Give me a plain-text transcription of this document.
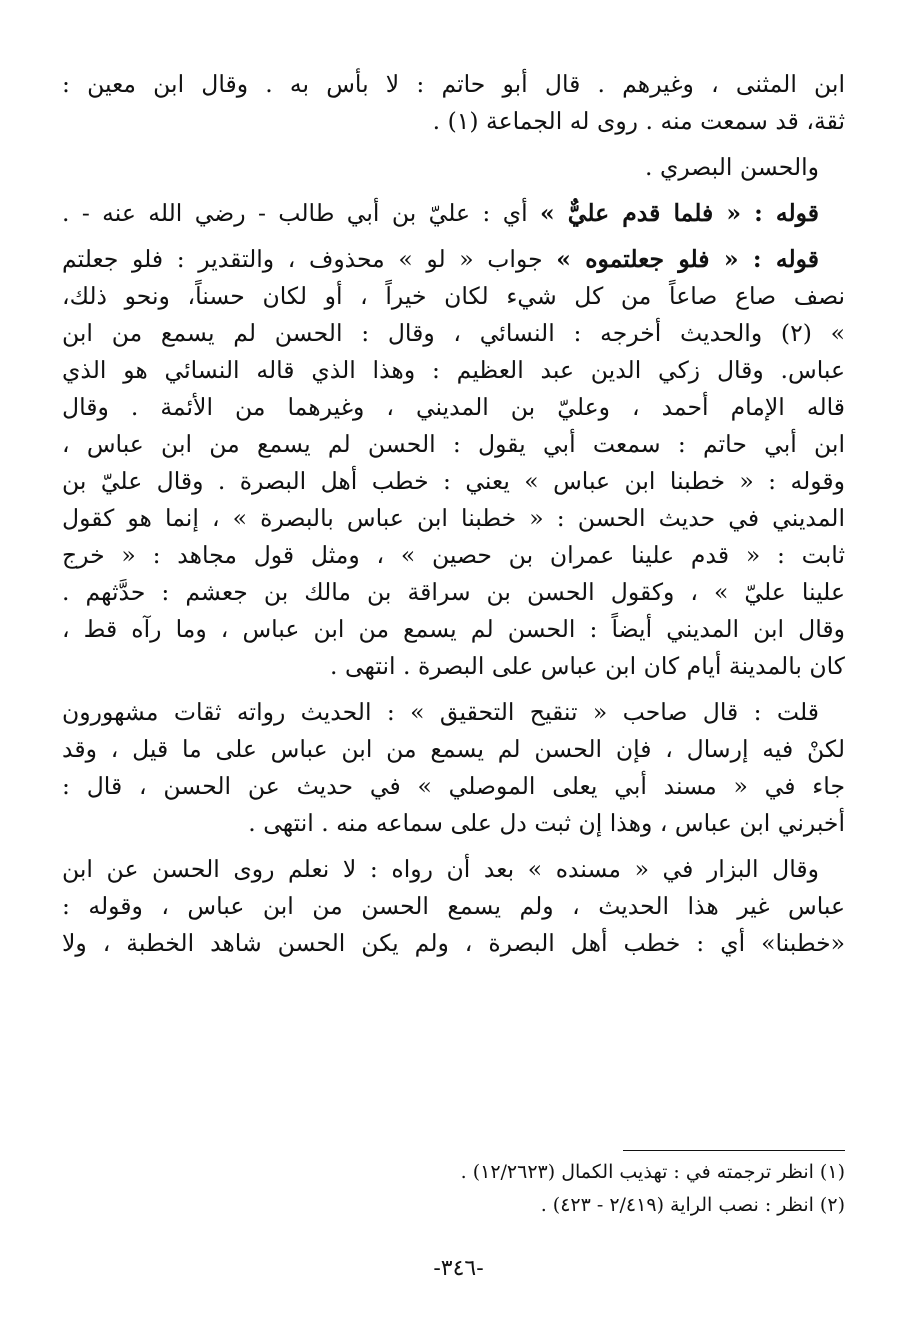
ابن المثنى ، وغيرهم . قال أبو حاتم : لا بأس به . وقال ابن معين :
ثقة، قد سمعت منه . روى له الجماعة (١) .
والحسن البصري .
قوله : « فلما قدم عليٌّ » أي : عليّ بن أبي طالب - رضي الله عنه - .
قوله : « فلو جعلتموه » جواب « لو » محذوف ، والتقدير : فلو جعلتم
نصف صاع صاعاً من كل شيء لكان خيراً ، أو لكان حسناً، ونحو ذلك،
» (٢) والحديث أخرجه : النسائي ، وقال : الحسن لم يسمع من ابن
عباس. وقال زكي الدين عبد العظيم : وهذا الذي قاله النسائي هو الذي
قاله الإمام أحمد ، وعليّ بن المديني ، وغيرهما من الأئمة . وقال
ابن أبي حاتم : سمعت أبي يقول : الحسن لم يسمع من ابن عباس ،
وقوله : « خطبنا ابن عباس » يعني : خطب أهل البصرة . وقال عليّ بن
المديني في حديث الحسن : « خطبنا ابن عباس بالبصرة » ، إنما هو كقول
ثابت : « قدم علينا عمران بن حصين » ، ومثل قول مجاهد : « خرج
علينا عليّ » ، وكقول الحسن بن سراقة بن مالك بن جعشم : حدَّثهم .
وقال ابن المديني أيضاً : الحسن لم يسمع من ابن عباس ، وما رآه قط ،
كان بالمدينة أيام كان ابن عباس على البصرة . انتهى .
قلت : قال صاحب « تنقيح التحقيق » : الحديث رواته ثقات مشهورون
لكنْ فيه إرسال ، فإن الحسن لم يسمع من ابن عباس على ما قيل ، وقد
جاء في « مسند أبي يعلى الموصلي » في حديث عن الحسن ، قال :
أخبرني ابن عباس ، وهذا إن ثبت دل على سماعه منه . انتهى .
وقال البزار في « مسنده » بعد أن رواه : لا نعلم روى الحسن عن ابن
عباس غير هذا الحديث ، ولم يسمع الحسن من ابن عباس ، وقوله :
«خطبنا» أي : خطب أهل البصرة ، ولم يكن الحسن شاهد الخطبة ، ولا
(١) انظر ترجمته في : تهذيب الكمال (١٢/٢٦٢٣) .
(٢) انظر : نصب الراية (٢/٤١٩ - ٤٢٣) .
-٣٤٦-
